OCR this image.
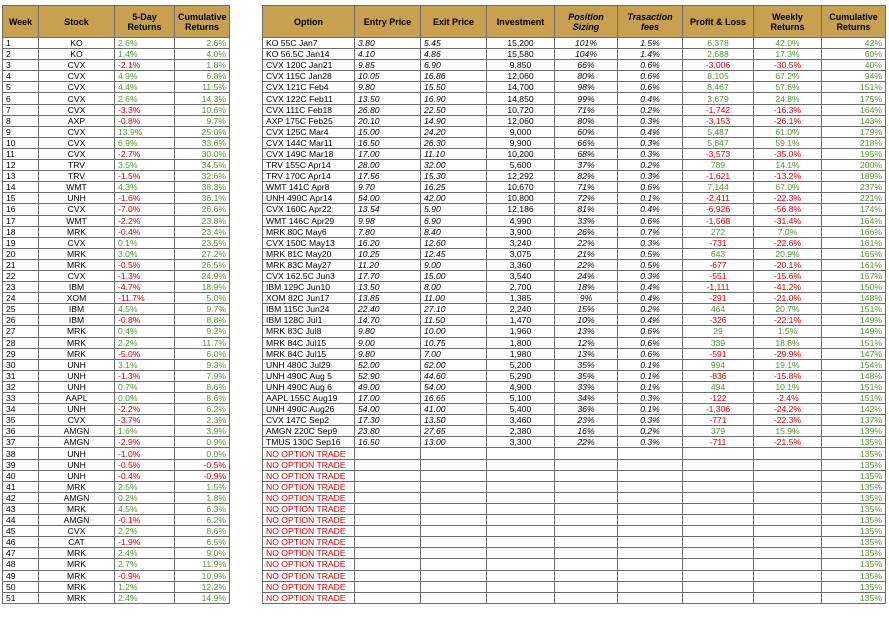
Week	Stock	5-Day Returns	Cumulative Returns
1	KO	2.6%	2.6%
2	KO	1.4%	4.0%
3	CVX	-2.1%	1.8%
4	CVX	4.9%	6.8%
5	CVX	4.4%	11.5%
6	CVX	2.6%	14.3%
7	CVX	-3.3%	10.6%
8	AXP	-0.8%	9.7%
9	CVX	13.9%	25.0%
10	CVX	6.9%	33.6%
11	CVX	-2.7%	30.0%
12	TRV	3.5%	34.5%
13	TRV	-1.5%	32.6%
14	WMT	4.3%	38.3%
15	UNH	-1.6%	36.1%
16	CVX	-7.0%	26.6%
17	WMT	-2.2%	23.8%
18	MRK	-0.4%	23.4%
19	CVX	0.1%	23.5%
20	MRK	3.0%	27.2%
21	MRK	-0.5%	26.5%
22	CVX	-1.3%	24.9%
23	IBM	-4.7%	18.9%
24	XOM	-11.7%	5.0%
25	IBM	4.5%	9.7%
26	IBM	-0.8%	8.8%
27	MRK	0.4%	9.2%
28	MRK	2.2%	11.7%
29	MRK	-5.0%	6.0%
30	UNH	3.1%	9.3%
31	UNH	-1.3%	7.9%
32	UNH	0.7%	8.6%
33	AAPL	0.0%	8.6%
34	UNH	-2.2%	6.2%
35	CVX	-3.7%	2.3%
36	AMGN	1.6%	3.9%
37	AMGN	-2.9%	0.9%
38	UNH	-1.0%	0.0%
39	UNH	-0.5%	-0.5%
40	UNH	-0.4%	-0.9%
41	MRK	2.5%	1.5%
42	AMGN	0.2%	1.8%
43	MRK	4.5%	6.3%
44	AMGN	-0.1%	6.2%
45	CVX	2.2%	8.6%
46	CAT	-1.9%	6.5%
47	MRK	2.4%	9.0%
48	MRK	2.7%	11.9%
49	MRK	-0.9%	10.9%
50	MRK	1.2%	12.2%
51	MRK	2.4%	14.9%
Option	Entry Price	Exit Price	Investment	Position Sizing	Trasaction fees	Profit & Loss	Weekly Returns	Cumulative Returns
KO 55C Jan7	3.80	5.45	15,200	101%	1.5%	6,378	42.0%	42%
KO 56.5C Jan14	4.10	4.86	15,580	104%	1.4%	2,688	17.3%	60%
CVX 120C Jan21	9.85	6.90	9,850	66%	0.6%	-3,006	-30.5%	40%
CVX 115C Jan28	10.05	16.86	12,060	80%	0.6%	8,105	67.2%	94%
CVX 121C Feb4	9.80	15.50	14,700	98%	0.6%	8,467	57.6%	151%
CVX 122C Feb11	13.50	16.90	14,850	99%	0.4%	3,679	24.8%	175%
CVX 111C Feb18	26.80	22.50	10,720	71%	0.2%	-1,742	-16.3%	164%
AXP 175C Feb25	20.10	14.90	12,060	80%	0.3%	-3,153	-26.1%	143%
CVX 125C Mar4	15.00	24.20	9,000	60%	0.4%	5,487	61.0%	179%
CVX 144C Mar11	16.50	26.30	9,900	66%	0.3%	5,847	59.1%	218%
CVX 149C Mar18	17.00	11.10	10,200	68%	0.3%	-3,573	-35.0%	195%
TRV 155C Apr14	28.00	32.00	5,600	37%	0.2%	789	14.1%	200%
TRV 170C Apr14	17.56	15.30	12,292	82%	0.3%	-1,621	-13.2%	189%
WMT 141C Apr8	9.70	16.25	10,670	71%	0.6%	7,144	67.0%	237%
UNH 490C Apr14	54.00	42.00	10,800	72%	0.1%	-2,411	-22.3%	221%
CVX 160C Apr22	13.54	5.90	12,186	81%	0.4%	-6,926	-56.8%	174%
WMT 146C Apr29	9.98	6.90	4,990	33%	0.6%	-1,568	-31.4%	164%
MRK 80C May6	7.80	8.40	3,900	26%	0.7%	272	7.0%	166%
CVX 150C May13	16.20	12.60	3,240	22%	0.3%	-731	-22.6%	161%
MRK 81C May20	10.25	12.45	3,075	21%	0.5%	643	20.9%	165%
MRK 83C May27	11.20	9.00	3,360	22%	0.5%	-677	-20.1%	161%
CVX 162.5C Jun3	17.70	15.00	3,540	24%	0.3%	-551	-15.6%	157%
IBM 129C Jun10	13.50	8.00	2,700	18%	0.4%	-1,111	-41.2%	150%
XOM 82C Jun17	13.85	11.00	1,385	9%	0.4%	-291	-21.0%	148%
IBM 115C Jun24	22.40	27.10	2,240	15%	0.2%	464	20.7%	151%
IBM 128C Jul1	14.70	11.50	1,470	10%	0.4%	-326	-22.1%	149%
MRK 83C Jul8	9.80	10.00	1,960	13%	0.6%	29	1.5%	149%
MRK 84C Jul15	9.00	10.75	1,800	12%	0.6%	339	18.8%	151%
MRK 84C Jul15	9.80	7.00	1,980	13%	0.6%	-591	-29.9%	147%
UNH 480C Jul29	52.00	62.00	5,200	35%	0.1%	994	19.1%	154%
UNH 490C Aug 5	52.90	44.60	5,290	35%	0.1%	-836	-15.8%	148%
UNH 490C Aug 6	49.00	54.00	4,900	33%	0.1%	494	10.1%	151%
AAPL 155C Aug19	17.00	16.65	5,100	34%	0.3%	-122	-2.4%	151%
UNH 490C Aug26	54.00	41.00	5,400	36%	0.1%	-1,306	-24.2%	142%
CVX 147C Sep2	17.30	13.50	3,460	23%	0.3%	-771	-22.3%	137%
AMGN 220C Sep9	23.80	27.65	2,380	16%	0.2%	379	15.9%	139%
TMUS 130C Sep16	16.50	13.00	3,300	22%	0.3%	-711	-21.5%	135%
NO OPTION TRADE								135%
NO OPTION TRADE								135%
NO OPTION TRADE								135%
NO OPTION TRADE								135%
NO OPTION TRADE								135%
NO OPTION TRADE								135%
NO OPTION TRADE								135%
NO OPTION TRADE								135%
NO OPTION TRADE								135%
NO OPTION TRADE								135%
NO OPTION TRADE								135%
NO OPTION TRADE								135%
NO OPTION TRADE								135%
NO OPTION TRADE								135%
